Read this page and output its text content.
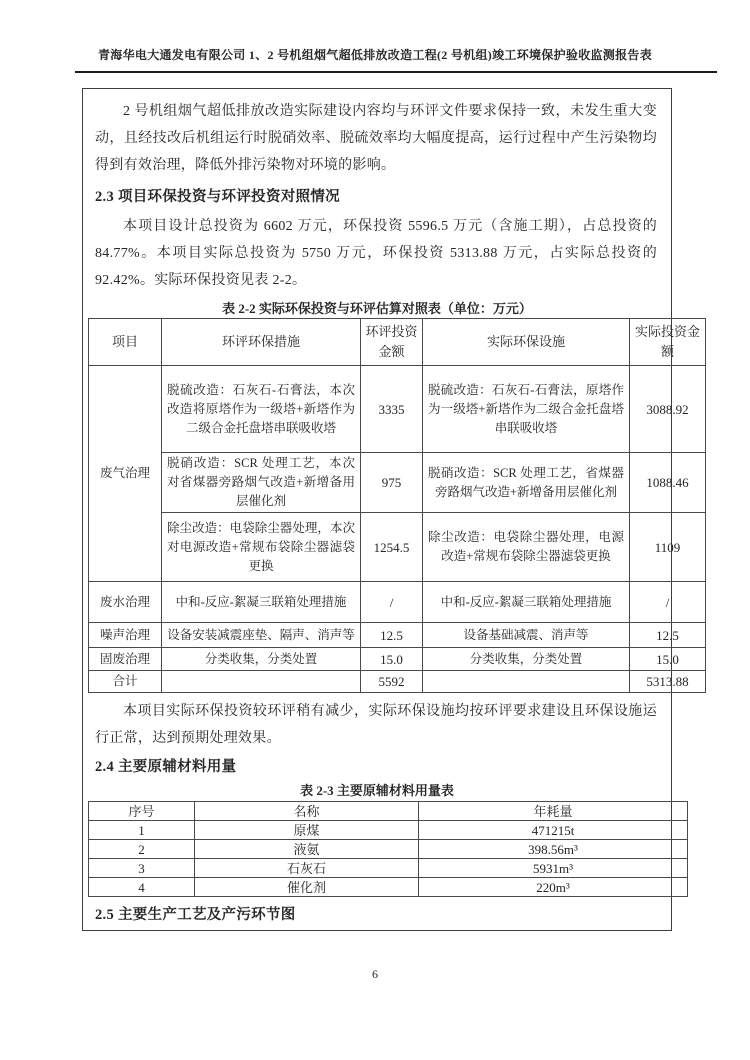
青海华电大通发电有限公司 1、2 号机组烟气超低排放改造工程(2 号机组)竣工环境保护验收监测报告表
2 号机组烟气超低排放改造实际建设内容均与环评文件要求保持一致，未发生重大变动，且经技改后机组运行时脱硝效率、脱硫效率均大幅度提高，运行过程中产生污染物均得到有效治理，降低外排污染物对环境的影响。
2.3 项目环保投资与环评投资对照情况
本项目设计总投资为 6602 万元，环保投资 5596.5 万元（含施工期），占总投资的 84.77%。本项目实际总投资为 5750 万元，环保投资 5313.88 万元，占实际总投资的 92.42%。实际环保投资见表 2-2。
表 2-2 实际环保投资与环评估算对照表（单位：万元）
项目	环评环保措施	环评投资金额	实际环保设施	实际投资金额
废气治理	脱硫改造：石灰石-石膏法，本次改造将原塔作为一级塔+新塔作为二级合金托盘塔串联吸收塔	3335	脱硫改造：石灰石-石膏法，原塔作为一级塔+新塔作为二级合金托盘塔串联吸收塔	3088.92
	脱硝改造：SCR 处理工艺，本次对省煤器旁路烟气改造+新增备用层催化剂	975	脱硝改造：SCR 处理工艺，省煤器旁路烟气改造+新增备用层催化剂	1088.46
	除尘改造：电袋除尘器处理，本次对电源改造+常规布袋除尘器滤袋更换	1254.5	除尘改造：电袋除尘器处理，电源改造+常规布袋除尘器滤袋更换	1109
废水治理	中和-反应-絮凝三联箱处理措施	/	中和-反应-絮凝三联箱处理措施	/
噪声治理	设备安装减震座垫、隔声、消声等	12.5	设备基础减震、消声等	12.5
固废治理	分类收集，分类处置	15.0	分类收集，分类处置	15.0
合计		5592		5313.88
本项目实际环保投资较环评稍有减少，实际环保设施均按环评要求建设且环保设施运行正常，达到预期处理效果。
2.4 主要原辅材料用量
表 2-3 主要原辅材料用量表
序号	名称	年耗量
1	原煤	471215t
2	液氨	398.56m³
3	石灰石	5931m³
4	催化剂	220m³
2.5 主要生产工艺及产污环节图
6
